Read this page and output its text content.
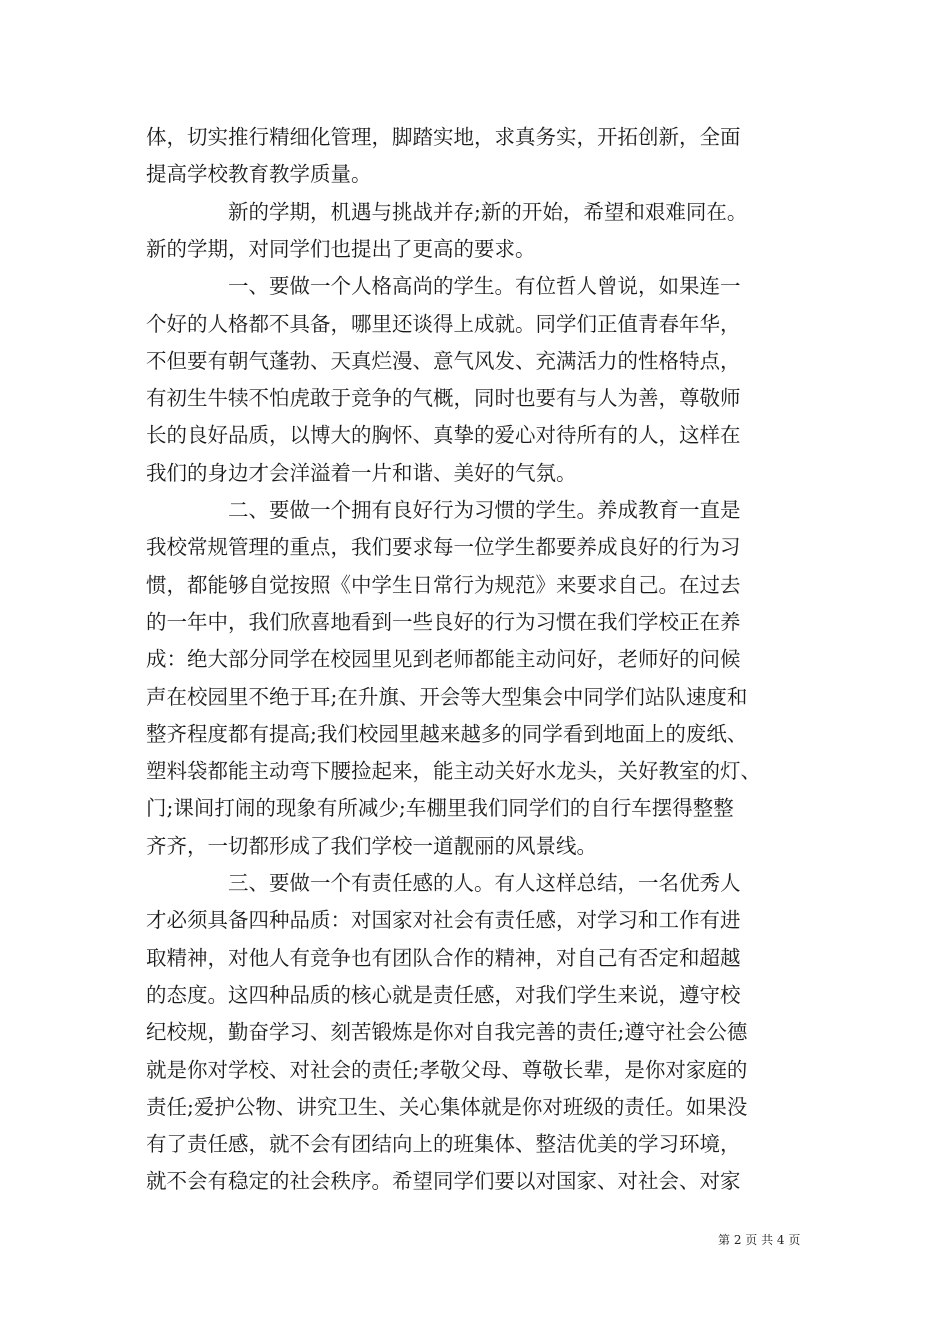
体，切实推行精细化管理，脚踏实地，求真务实，开拓创新，全面
提高学校教育教学质量。
　　　　新的学期，机遇与挑战并存;新的开始，希望和艰难同在。
新的学期，对同学们也提出了更高的要求。
　　　　一、要做一个人格高尚的学生。有位哲人曾说，如果连一
个好的人格都不具备，哪里还谈得上成就。同学们正值青春年华，
不但要有朝气蓬勃、天真烂漫、意气风发、充满活力的性格特点，
有初生牛犊不怕虎敢于竞争的气概，同时也要有与人为善，尊敬师
长的良好品质，以博大的胸怀、真挚的爱心对待所有的人，这样在
我们的身边才会洋溢着一片和谐、美好的气氛。
　　　　二、要做一个拥有良好行为习惯的学生。养成教育一直是
我校常规管理的重点，我们要求每一位学生都要养成良好的行为习
惯，都能够自觉按照《中学生日常行为规范》来要求自己。在过去
的一年中，我们欣喜地看到一些良好的行为习惯在我们学校正在养
成：绝大部分同学在校园里见到老师都能主动问好，老师好的问候
声在校园里不绝于耳;在升旗、开会等大型集会中同学们站队速度和
整齐程度都有提高;我们校园里越来越多的同学看到地面上的废纸、
塑料袋都能主动弯下腰捡起来，能主动关好水龙头，关好教室的灯、
门;课间打闹的现象有所减少;车棚里我们同学们的自行车摆得整整
齐齐，一切都形成了我们学校一道靓丽的风景线。
　　　　三、要做一个有责任感的人。有人这样总结，一名优秀人
才必须具备四种品质：对国家对社会有责任感，对学习和工作有进
取精神，对他人有竞争也有团队合作的精神，对自己有否定和超越
的态度。这四种品质的核心就是责任感，对我们学生来说，遵守校
纪校规，勤奋学习、刻苦锻炼是你对自我完善的责任;遵守社会公德
就是你对学校、对社会的责任;孝敬父母、尊敬长辈，是你对家庭的
责任;爱护公物、讲究卫生、关心集体就是你对班级的责任。如果没
有了责任感，就不会有团结向上的班集体、整洁优美的学习环境，
就不会有稳定的社会秩序。希望同学们要以对国家、对社会、对家
第 2 页 共 4 页
